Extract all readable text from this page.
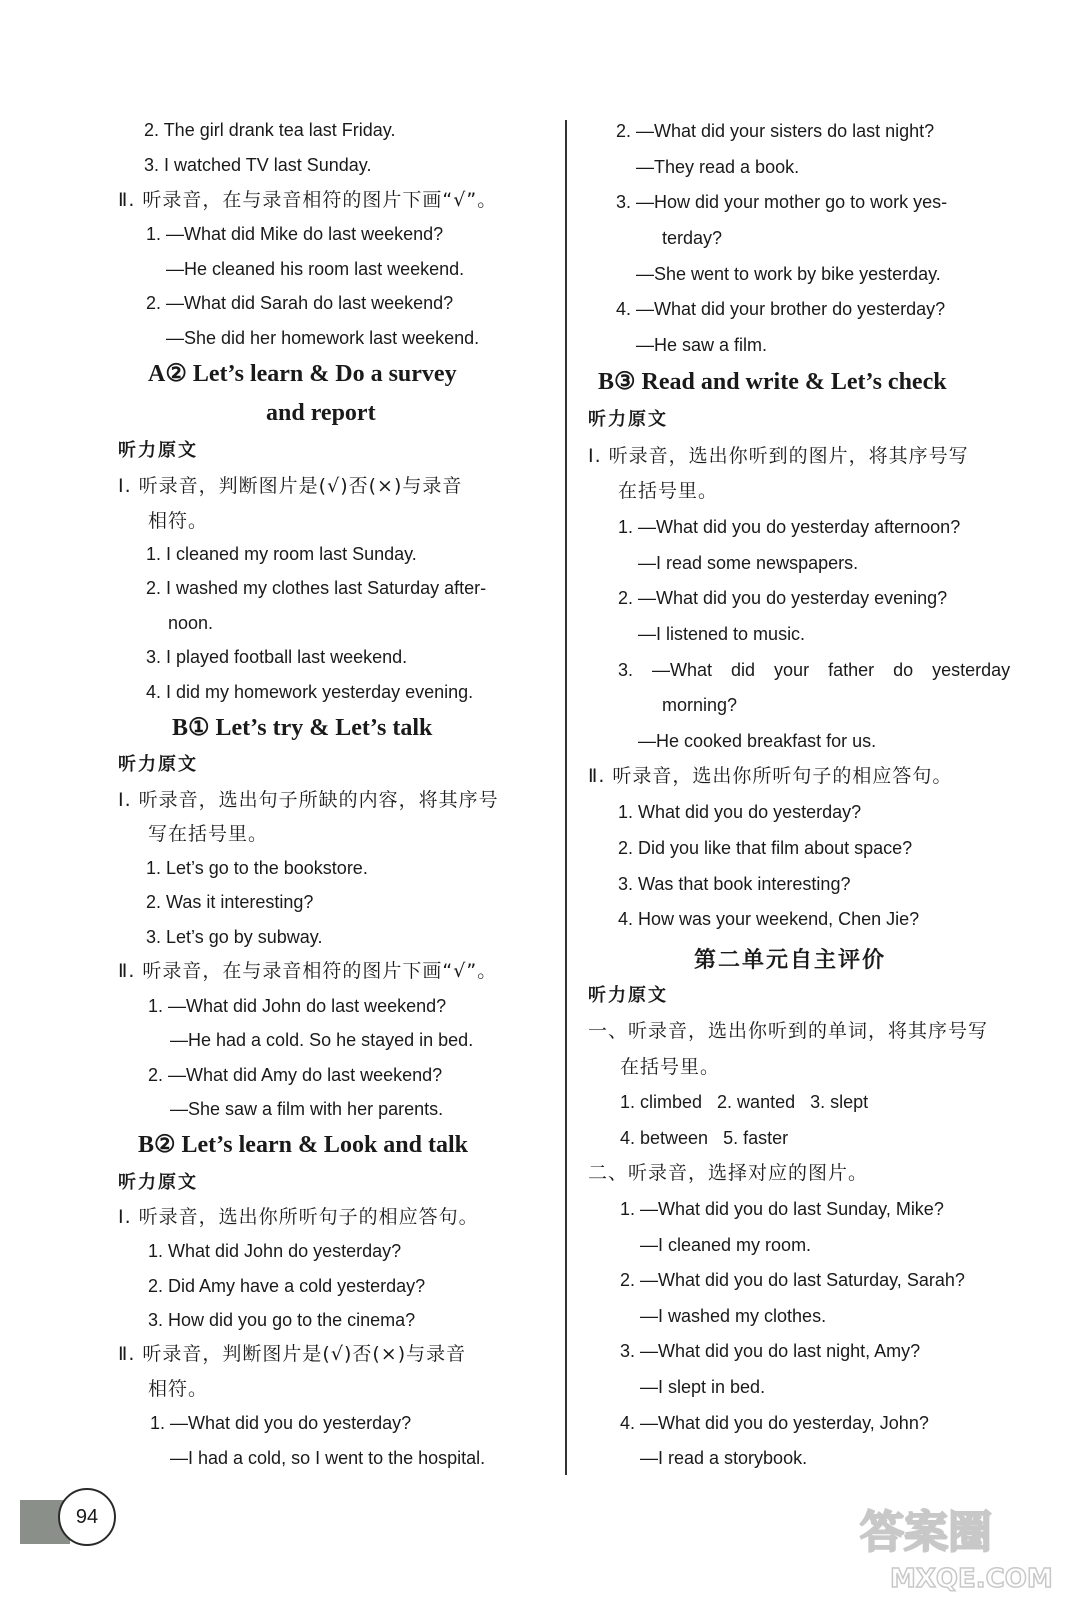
2. The girl drank tea last Friday.
3. I watched TV last Sunday.
Ⅱ. 听录音，在与录音相符的图片下画“√”。
1. —What did Mike do last weekend?
—He cleaned his room last weekend.
2. —What did Sarah do last weekend?
—She did her homework last weekend.
A② Let’s learn & Do a survey
and report
听力原文
Ⅰ. 听录音，判断图片是(√)否(×)与录音
相符。
1. I cleaned my room last Sunday.
2. I washed my clothes last Saturday after-
noon.
3. I played football last weekend.
4. I did my homework yesterday evening.
B① Let’s try & Let’s talk
听力原文
Ⅰ. 听录音，选出句子所缺的内容，将其序号
写在括号里。
1. Let’s go to the bookstore.
2. Was it interesting?
3. Let’s go by subway.
Ⅱ. 听录音，在与录音相符的图片下画“√”。
1. —What did John do last weekend?
—He had a cold. So he stayed in bed.
2. —What did Amy do last weekend?
—She saw a film with her parents.
B② Let’s learn & Look and talk
听力原文
Ⅰ. 听录音，选出你所听句子的相应答句。
1. What did John do yesterday?
2. Did Amy have a cold yesterday?
3. How did you go to the cinema?
Ⅱ. 听录音，判断图片是(√)否(×)与录音
相符。
1. —What did you do yesterday?
—I had a cold, so I went to the hospital.
2. —What did your sisters do last night?
—They read a book.
3. —How did your mother go to work yes-
terday?
—She went to work by bike yesterday.
4. —What did your brother do yesterday?
—He saw a film.
B③ Read and write & Let’s check
听力原文
Ⅰ. 听录音，选出你听到的图片，将其序号写
在括号里。
1. —What did you do yesterday afternoon?
—I read some newspapers.
2. —What did you do yesterday evening?
—I listened to music.
3. —What did your father do yesterday
morning?
—He cooked breakfast for us.
Ⅱ. 听录音，选出你所听句子的相应答句。
1. What did you do yesterday?
2. Did you like that film about space?
3. Was that book interesting?
4. How was your weekend, Chen Jie?
第二单元自主评价
听力原文
一、听录音，选出你听到的单词，将其序号写
在括号里。
1. climbed   2. wanted   3. slept
4. between   5. faster
二、听录音，选择对应的图片。
1. —What did you do last Sunday, Mike?
—I cleaned my room.
2. —What did you do last Saturday, Sarah?
—I washed my clothes.
3. —What did you do last night, Amy?
—I slept in bed.
4. —What did you do yesterday, John?
—I read a storybook.
94	答案圈
MXQE.COM
